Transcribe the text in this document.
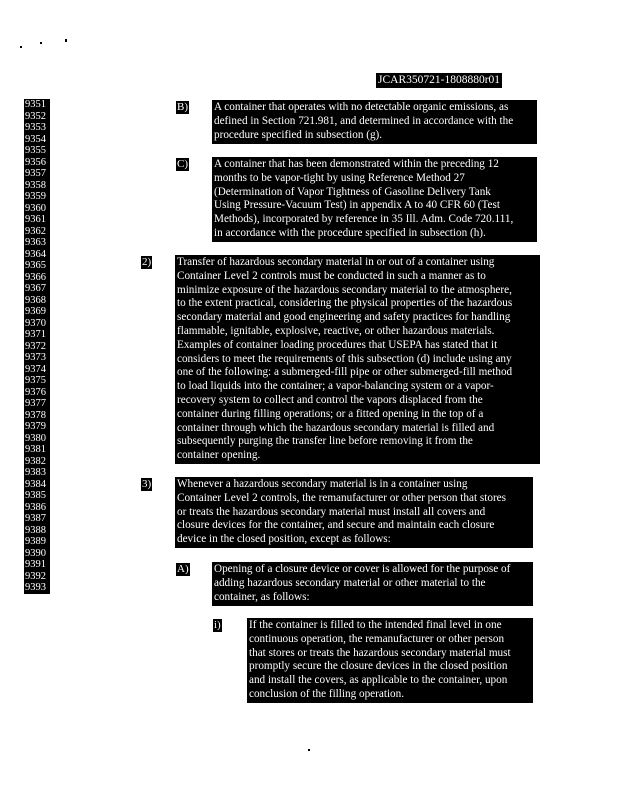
JCAR350721-1808880r01
9351
9352
9353
9354
9355
9356
9357
9358
9359
9360
9361
9362
9363
9364
9365
9366
9367
9368
9369
9370
9371
9372
9373
9374
9375
9376
9377
9378
9379
9380
9381
9382
9383
9384
9385
9386
9387
9388
9389
9390
9391
9392
9393
B) A container that operates with no detectable organic emissions, as
defined in Section 721.981, and determined in accordance with the
procedure specified in subsection (g).
C) A container that has been demonstrated within the preceding 12
months to be vapor-tight by using Reference Method 27
(Determination of Vapor Tightness of Gasoline Delivery Tank
Using Pressure-Vacuum Test) in appendix A to 40 CFR 60 (Test
Methods), incorporated by reference in 35 Ill. Adm. Code 720.111,
in accordance with the procedure specified in subsection (h).
2) Transfer of hazardous secondary material in or out of a container using
Container Level 2 controls must be conducted in such a manner as to
minimize exposure of the hazardous secondary material to the atmosphere,
to the extent practical, considering the physical properties of the hazardous
secondary material and good engineering and safety practices for handling
flammable, ignitable, explosive, reactive, or other hazardous materials.
Examples of container loading procedures that USEPA has stated that it
considers to meet the requirements of this subsection (d) include using any
one of the following: a submerged-fill pipe or other submerged-fill method
to load liquids into the container; a vapor-balancing system or a vapor-
recovery system to collect and control the vapors displaced from the
container during filling operations; or a fitted opening in the top of a
container through which the hazardous secondary material is filled and
subsequently purging the transfer line before removing it from the
container opening.
3) Whenever a hazardous secondary material is in a container using
Container Level 2 controls, the remanufacturer or other person that stores
or treats the hazardous secondary material must install all covers and
closure devices for the container, and secure and maintain each closure
device in the closed position, except as follows:
A) Opening of a closure device or cover is allowed for the purpose of
adding hazardous secondary material or other material to the
container, as follows:
i)	If the container is filled to the intended final level in one
continuous operation, the remanufacturer or other person
that stores or treats the hazardous secondary material must
promptly secure the closure devices in the closed position
and install the covers, as applicable to the container, upon
conclusion of the filling operation.
